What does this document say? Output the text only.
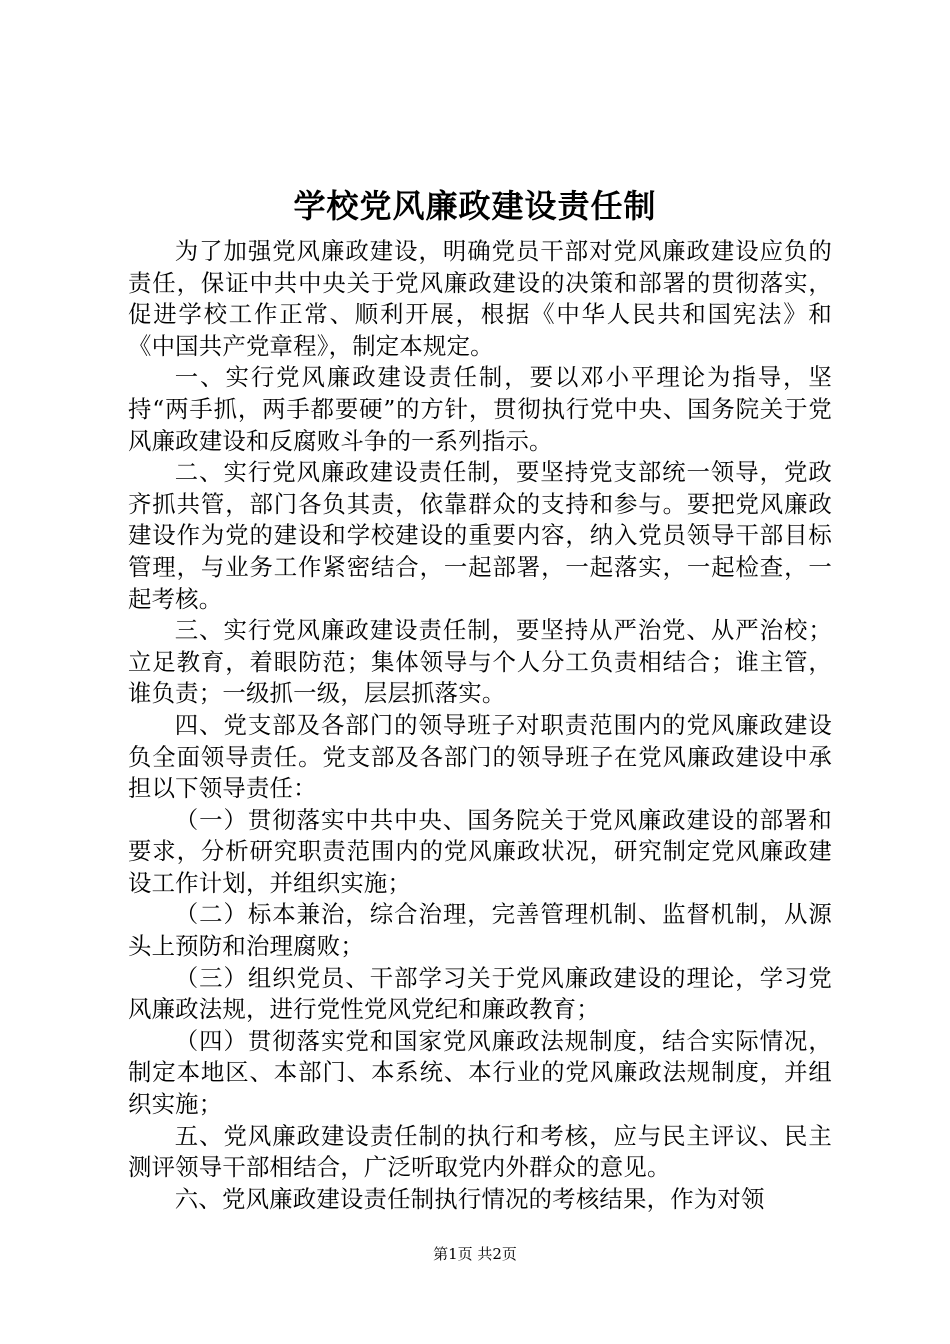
学校党风廉政建设责任制

为了加强党风廉政建设，明确党员干部对党风廉政建设应负的责任，保证中共中央关于党风廉政建设的决策和部署的贯彻落实，促进学校工作正常、顺利开展，根据《中华人民共和国宪法》和《中国共产党章程》，制定本规定。

一、实行党风廉政建设责任制，要以邓小平理论为指导，坚持“两手抓，两手都要硬”的方针，贯彻执行党中央、国务院关于党风廉政建设和反腐败斗争的一系列指示。

二、实行党风廉政建设责任制，要坚持党支部统一领导，党政齐抓共管，部门各负其责，依靠群众的支持和参与。要把党风廉政建设作为党的建设和学校建设的重要内容，纳入党员领导干部目标管理，与业务工作紧密结合，一起部署，一起落实，一起检查，一起考核。

三、实行党风廉政建设责任制，要坚持从严治党、从严治校；立足教育，着眼防范；集体领导与个人分工负责相结合；谁主管，谁负责；一级抓一级，层层抓落实。

四、党支部及各部门的领导班子对职责范围内的党风廉政建设负全面领导责任。党支部及各部门的领导班子在党风廉政建设中承担以下领导责任：

（一）贯彻落实中共中央、国务院关于党风廉政建设的部署和要求，分析研究职责范围内的党风廉政状况，研究制定党风廉政建设工作计划，并组织实施；

（二）标本兼治，综合治理，完善管理机制、监督机制，从源头上预防和治理腐败；

（三）组织党员、干部学习关于党风廉政建设的理论，学习党风廉政法规，进行党性党风党纪和廉政教育；

（四）贯彻落实党和国家党风廉政法规制度，结合实际情况，制定本地区、本部门、本系统、本行业的党风廉政法规制度，并组织实施；

五、党风廉政建设责任制的执行和考核，应与民主评议、民主测评领导干部相结合，广泛听取党内外群众的意见。

六、党风廉政建设责任制执行情况的考核结果，作为对领

第1页 共2页
